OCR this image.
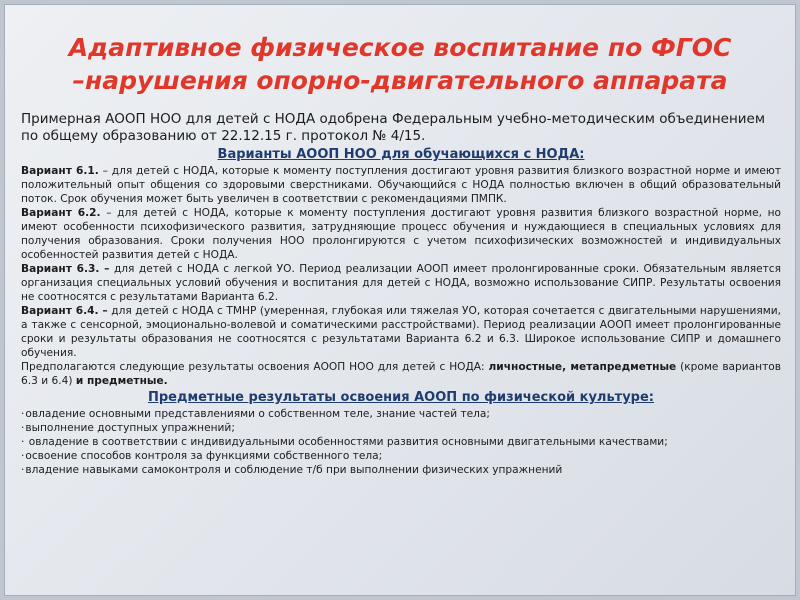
Адаптивное физическое воспитание по ФГОС
–нарушения опорно-двигательного аппарата

Примерная АООП НОО для детей с НОДА одобрена Федеральным учебно-методическим объединением по общему образованию от 22.12.15 г. протокол № 4/15.

Варианты АООП НОО для обучающихся с НОДА:

Вариант 6.1. – для детей с НОДА, которые к моменту поступления достигают уровня развития близкого возрастной норме и имеют положительный опыт общения со здоровыми сверстниками. Обучающийся с НОДА полностью включен в общий образовательный поток. Срок обучения может быть увеличен в соответствии с рекомендациями ПМПК.

Вариант 6.2. – для детей с НОДА, которые к моменту поступления достигают уровня развития близкого возрастной норме, но имеют особенности психофизического развития, затрудняющие процесс обучения и нуждающиеся в специальных условиях для получения образования. Сроки получения НОО пролонгируются с учетом психофизических возможностей и индивидуальных особенностей развития детей с НОДА.

Вариант 6.3. – для детей с НОДА с легкой УО. Период реализации АООП имеет пролонгированные сроки. Обязательным является организация специальных условий обучения и воспитания для детей с НОДА, возможно использование СИПР. Результаты освоения не соотносятся с результатами Варианта 6.2.

Вариант 6.4. – для детей с НОДА с ТМНР (умеренная, глубокая или тяжелая УО, которая сочетается с двигательными нарушениями, а также с сенсорной, эмоционально-волевой и соматическими расстройствами). Период реализации АООП имеет пролонгированные сроки и результаты образования не соотносятся с результатами Варианта 6.2 и 6.3. Широкое использование СИПР и домашнего обучения.

Предполагаются следующие результаты освоения АООП НОО для детей с НОДА: личностные, метапредметные (кроме вариантов 6.3 и 6.4) и предметные.

Предметные результаты освоения АООП по физической культуре:
·овладение основными представлениями о собственном теле, знание частей тела;
·выполнение доступных упражнений;
· овладение в соответствии с индивидуальными особенностями развития основными двигательными качествами;
·освоение способов контроля за функциями собственного тела;
·владение навыками самоконтроля и соблюдение т/б при выполнении физических упражнений
